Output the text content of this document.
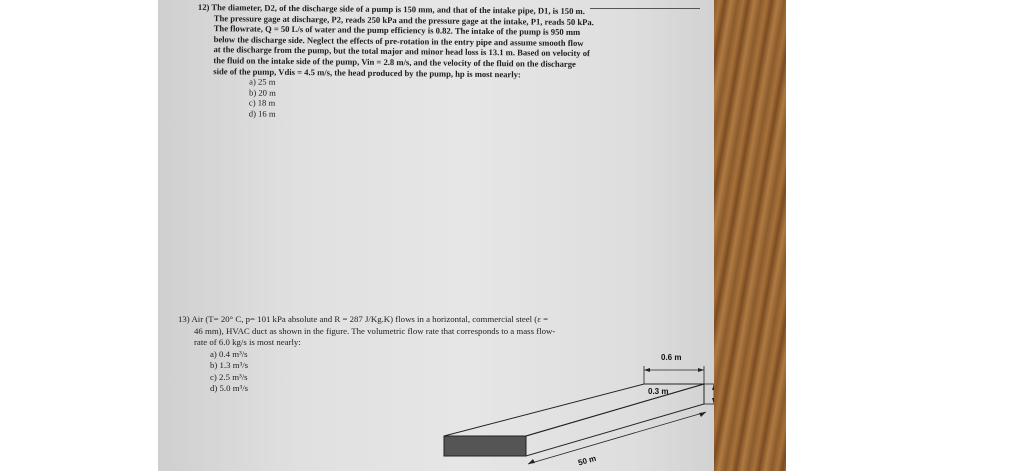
12) The diameter, D2, of the discharge side of a pump is 150 mm, and that of the intake pipe, D1, is 150 m.

The pressure gage at discharge, P2, reads 250 kPa and the pressure gage at the intake, P1, reads 50 kPa.

The flowrate, Q = 50 L/s of water and the pump efficiency is 0.82. The intake of the pump is 950 mm

below the discharge side. Neglect the effects of pre-rotation in the entry pipe and assume smooth flow

at the discharge from the pump, but the total major and minor head loss is 13.1 m. Based on velocity of

the fluid on the intake side of the pump, Vin = 2.8 m/s, and the velocity of the fluid on the discharge

side of the pump, Vdis = 4.5 m/s, the head produced by the pump, hp is most nearly:

a) 25 m
b) 20 m
c) 18 m
d) 16 m

13) Air (T= 20° C, p= 101 kPa absolute and R = 287 J/Kg.K) flows in a horizontal, commercial steel (ε =

46 mm), HVAC duct as shown in the figure. The volumetric flow rate that corresponds to a mass flow-

rate of 6.0 kg/s is most nearly:

a) 0.4 m³/s
b) 1.3 m³/s
c) 2.5 m³/s
d) 5.0 m³/s
0.6 m
50 m
0.3 m
